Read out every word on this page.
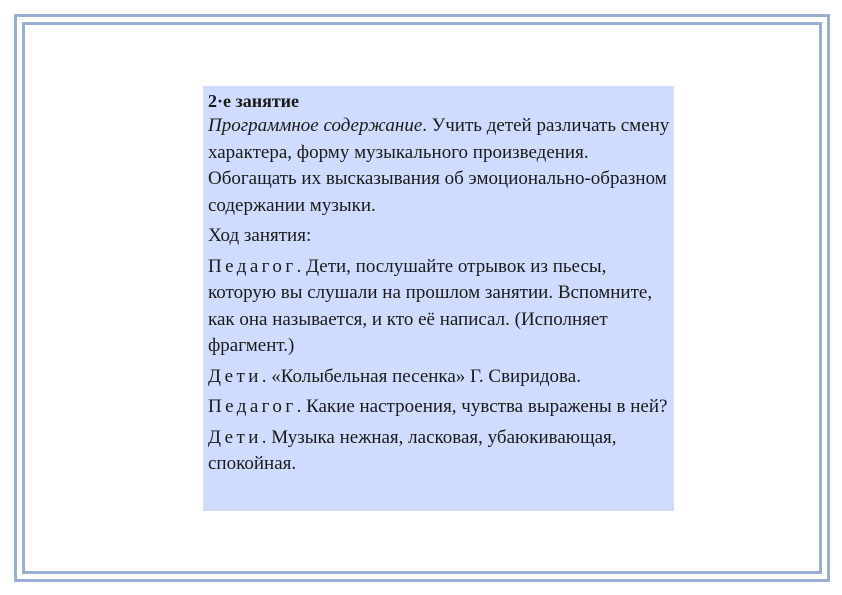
2·е занятие

Программное содержание. Учить детей различать смену характера, форму музыкального произведения. Обогащать их высказывания об эмоционально-образном содержании музыки.

Ход занятия:

Педагог. Дети, послушайте отрывок из пьесы, которую вы слушали на прошлом занятии. Вспомните, как она называется, и кто её написал. (Исполняет фрагмент.)

Дети. «Колыбельная песенка» Г. Свиридова.

Педагог. Какие настроения, чувства выражены в ней?

Дети. Музыка нежная, ласковая, убаюкивающая, спокойная.
